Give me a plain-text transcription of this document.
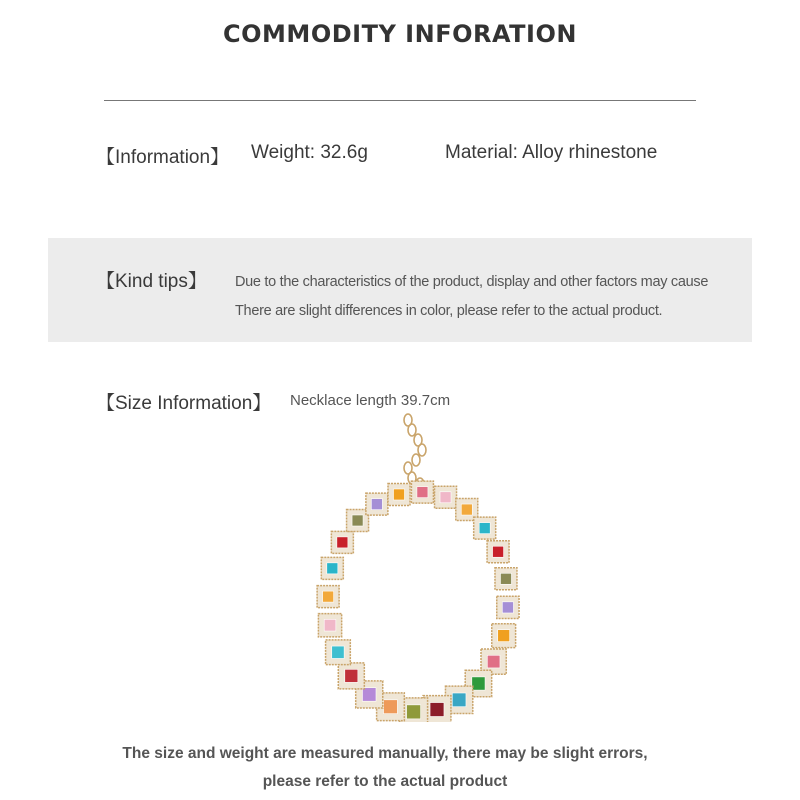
COMMODITY INFORATION
【Information】 Weight: 32.6g	Material: Alloy rhinestone
【Kind tips】 Due to the characteristics of the product, display and other factors may cause
There are slight differences in color, please refer to the actual product.
【Size Information】 Necklace length 39.7cm
The size and weight are measured manually, there may be slight errors,
please refer to the actual product
